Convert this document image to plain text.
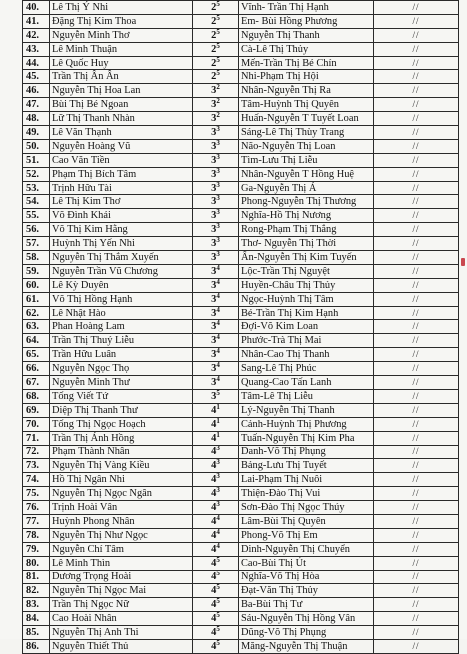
40.	Lê Thị Ý Nhi	$2^5$	Vĩnh- Trần Thị Hạnh	//
41.	Đặng Thị Kim Thoa	$2^5$	Em- Bùi Hồng Phương	//
42.	Nguyễn Minh Thơ	$2^5$	Nguyễn Thị Thanh	//
43.	Lê Minh Thuận	$2^5$	Cà-Lê Thị Thủy	//
44.	Lê Quốc Huy	$2^5$	Mến-Trần Thị Bé Chín	//
45.	Trần Thị Ân Ân	$2^5$	Nhi-Phạm Thị Hội	//
46.	Nguyễn Thị Hoa Lan	$3^2$	Nhân-Nguyễn Thị Ra	//
47.	Bùi Thị Bé Ngoan	$3^2$	Tâm-Huỳnh Thị Quyên	//
48.	Lữ Thị Thanh Nhàn	$3^2$	Huấn-Nguyễn T Tuyết Loan	//
49.	Lê Văn Thạnh	$3^3$	Sáng-Lê Thị Thùy Trang	//
50.	Nguyễn Hoàng Vũ	$3^3$	Não-Nguyễn Thị Loan	//
51.	Cao Văn Tiền	$3^3$	Tìm-Lưu Thị Liễu	//
52.	Phạm Thị Bích Tâm	$3^3$	Nhân-Nguyễn T Hồng Huệ	//
53.	Trịnh Hữu Tài	$3^3$	Ga-Nguyễn Thị Á	//
54.	Lê Thị Kim Thơ	$3^3$	Phong-Nguyễn Thị Thương	//
55.	Võ Đình Khải	$3^3$	Nghĩa-Hồ Thị Nương	//
56.	Võ Thị Kim Hằng	$3^3$	Rong-Phạm Thị Thắng	//
57.	Huỳnh Thị Yến Nhi	$3^3$	Thơ- Nguyễn Thị Thời	//
58.	Nguyễn Thị Thắm Xuyến	$3^3$	Ấn-Nguyễn Thị Kim Tuyến	//
59.	Nguyễn Trần Vũ Chương	$3^4$	Lộc-Trần Thị Nguyệt	//
60.	Lê Kỳ Duyên	$3^4$	Huyền-Châu Thị Thủy	//
61.	Võ Thị Hồng Hạnh	$3^4$	Ngọc-Huỳnh Thị Tâm	//
62.	Lê Nhật Hào	$3^4$	Bé-Trần Thị Kim Hạnh	//
63.	Phan Hoàng Lam	$3^4$	Đợi-Võ Kim Loan	//
64.	Trần Thị Thuý Liễu	$3^4$	Phước-Trà Thị Mai	//
65.	Trần Hữu Luân	$3^4$	Nhân-Cao Thị Thanh	//
66.	Nguyễn Ngọc Thọ	$3^4$	Sang-Lê Thị Phúc	//
67.	Nguyễn Minh Thư	$3^4$	Quang-Cao Tấn Lanh	//
68.	Tống Viết Tứ	$3^5$	Tâm-Lê Thị Liễu	//
69.	Diệp Thị Thanh Thư	$4^1$	Lý-Nguyễn Thị Thanh	//
70.	Tống Thị Ngọc Hoạch	$4^1$	Cảnh-Huỳnh Thị Phương	//
71.	Trần Thị Ánh Hồng	$4^1$	Tuấn-Nguyễn Thị Kim Pha	//
72.	Phạm Thành Nhân	$4^3$	Danh-Võ Thị Phụng	//
73.	Nguyễn Thị Vàng Kiều	$4^3$	Bảng-Lưu Thị Tuyết	//
74.	Hồ Thị Ngân Nhi	$4^3$	Lai-Phạm Thị Nuôi	//
75.	Nguyễn Thị Ngọc Ngân	$4^3$	Thiện-Đào Thị Vui	//
76.	Trịnh Hoài Vân	$4^3$	Sơn-Đào Thị Ngọc Thúy	//
77.	Huỳnh Phong Nhân	$4^4$	Lâm-Bùi Thị Quyên	//
78.	Nguyễn Thị Như Ngọc	$4^4$	Phong-Võ Thị Em	//
79.	Nguyễn Chí Tâm	$4^4$	Dinh-Nguyễn Thị Chuyển	//
80.	Lê Minh Thìn	$4^5$	Cao-Bùi Thị Út	//
81.	Dương Trọng Hoài	$4^5$	Nghĩa-Võ Thị Hòa	//
82.	Nguyễn Thị Ngọc Mai	$4^5$	Đạt-Văn Thị Thủy	//
83.	Trần Thị Ngọc Nữ	$4^5$	Ba-Bùi Thị Tư	//
84.	Cao Hoài Nhân	$4^5$	Sáu-Nguyễn Thị Hồng Vân	//
85.	Nguyễn Thị Anh Thi	$4^5$	Dũng-Võ Thị Phụng	//
86.	Nguyễn Thiết Thủ	$4^5$	Măng-Nguyễn Thị Thuận	//
